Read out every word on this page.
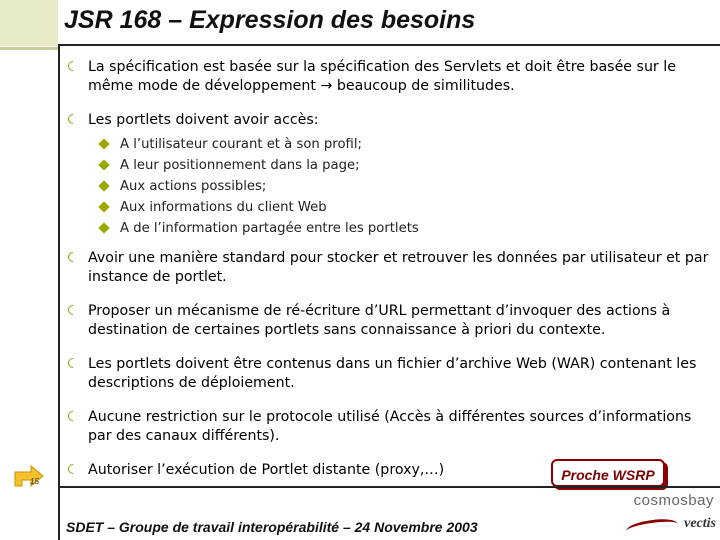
JSR 168 – Expression des besoins
La spécification est basée sur la spécification des Servlets et doit être basée sur le même mode de développement → beaucoup de similitudes.
Les portlets doivent avoir accès:
A l’utilisateur courant et à son profil;
A leur positionnement dans la page;
Aux actions possibles;
Aux informations du client Web
A de l’information partagée entre les portlets
Avoir une manière standard pour stocker et retrouver les données par utilisateur et par instance de portlet.
Proposer un mécanisme de ré-écriture d’URL permettant d’invoquer des actions à destination de certaines portlets sans connaissance à priori du contexte.
Les portlets doivent être contenus dans un fichier d’archive Web (WAR) contenant les descriptions de déploiement.
Aucune restriction sur le protocole utilisé (Accès à différentes sources d’informations par des canaux différents).
Autoriser l’exécution de Portlet distante (proxy,…)	Proche WSRP
15
SDET – Groupe de travail interopérabilité – 24 Novembre 2003
cosmosbay
vectis
